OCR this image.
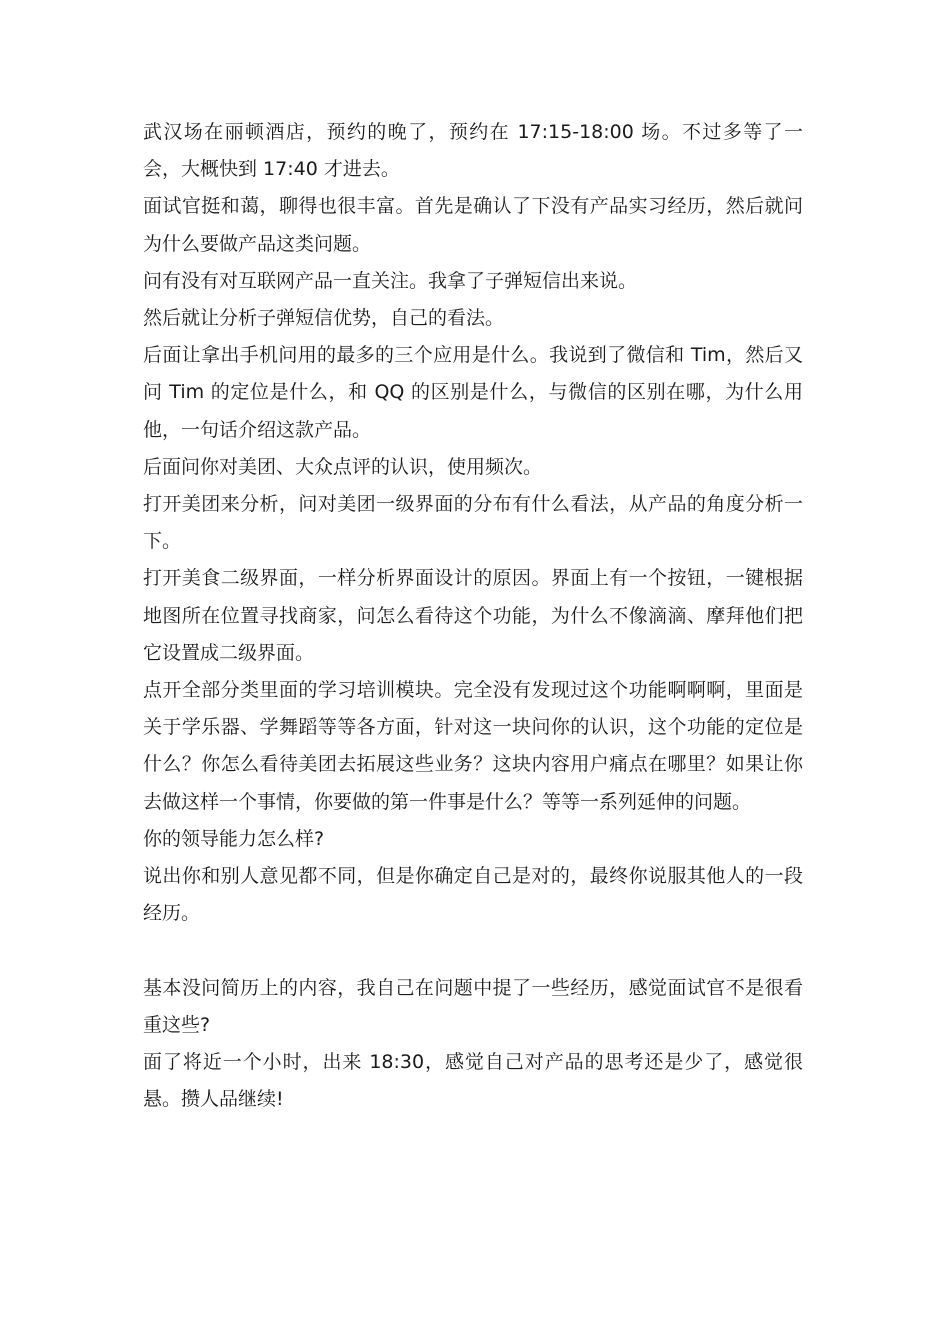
武汉场在丽顿酒店，预约的晚了，预约在 17:15-18:00 场。不过多等了一会，大概快到 17:40 才进去。

面试官挺和蔼，聊得也很丰富。首先是确认了下没有产品实习经历，然后就问为什么要做产品这类问题。

问有没有对互联网产品一直关注。我拿了子弹短信出来说。

然后就让分析子弹短信优势，自己的看法。

后面让拿出手机问用的最多的三个应用是什么。我说到了微信和 Tim，然后又问 Tim 的定位是什么，和 QQ 的区别是什么，与微信的区别在哪，为什么用他，一句话介绍这款产品。

后面问你对美团、大众点评的认识，使用频次。

打开美团来分析，问对美团一级界面的分布有什么看法，从产品的角度分析一下。

打开美食二级界面，一样分析界面设计的原因。界面上有一个按钮，一键根据地图所在位置寻找商家，问怎么看待这个功能，为什么不像滴滴、摩拜他们把它设置成二级界面。

点开全部分类里面的学习培训模块。完全没有发现过这个功能啊啊啊，里面是关于学乐器、学舞蹈等等各方面，针对这一块问你的认识，这个功能的定位是什么？你怎么看待美团去拓展这些业务？这块内容用户痛点在哪里？如果让你去做这样一个事情，你要做的第一件事是什么？等等一系列延伸的问题。

你的领导能力怎么样?

说出你和别人意见都不同，但是你确定自己是对的，最终你说服其他人的一段经历。

基本没问简历上的内容，我自己在问题中提了一些经历，感觉面试官不是很看重这些?

面了将近一个小时，出来 18:30，感觉自己对产品的思考还是少了，感觉很悬。攒人品继续!
